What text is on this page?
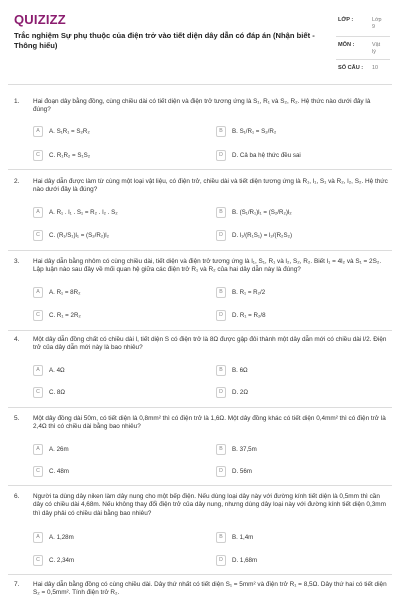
QUIZIZZ
Trắc nghiệm Sự phụ thuộc của điện trở vào tiết diện dây dẫn có đáp án (Nhận biết - Thông hiểu)
LỚP :	Lớp 9
MÔN :	Vật lý
SỐ CÂU : 10
1. Hai đoạn dây bằng đồng, cùng chiều dài có tiết diện và điện trở tương ứng là S₁, R₁ và S₂, R₂. Hệ thức nào dưới đây là đúng?
A	A. S₁R₁ = S₂R₂	B	B. S₁/R₁ = S₂/R₂
C	C. R₁R₂ = S₁S₂	D	D. Cả ba hệ thức đều sai
2. Hai dây dẫn được làm từ cùng một loại vật liệu, có điện trở, chiều dài và tiết diện tương ứng là R₁, l₁, S₁ và R₂, l₂, S₂. Hệ thức nào dưới đây là đúng?
A	A. R₁ . l₁ . S₁ = R₂ . l₂ . S₂	B	B. (S₁/R₁)l₁ = (S₂/R₂)l₂
C	C. (R₁/S₁)l₁ = (S₂/R₂)l₂	D	D. l₁/(R₁S₁) = l₂/(R₂S₂)
3. Hai dây dẫn bằng nhôm có cùng chiều dài, tiết diện và điện trở tương ứng là l₁, S₁, R₁ và l₂, S₂, R₂. Biết l₁ = 4l₂ và S₁ = 2S₂. Lập luận nào sau đây về mối quan hệ giữa các điện trở R₁ và R₂ của hai dây dẫn này là đúng?
A	A. R₁ = 8R₂	B	B. R₁ = R₂/2
C	C. R₁ = 2R₂	D	D. R₁ = R₂/8
4. Một dây dẫn đồng chất có chiều dài l, tiết diện S có điện trở là 8Ω được gập đôi thành một dây dẫn mới có chiều dài l/2. Điện trở của dây dẫn mới này là bao nhiêu?
A	A. 4Ω	B	B. 6Ω
C	C. 8Ω	D	D. 2Ω
5. Một dây đồng dài 50m, có tiết diện là 0,8mm² thì có điện trở là 1,6Ω. Một dây đồng khác có tiết diện 0,4mm² thì có điện trở là 2,4Ω thì có chiều dài bằng bao nhiêu?
A	A. 26m	B	B. 37,5m
C	C. 48m	D	D. 56m
6. Người ta dùng dây niken làm dây nung cho một bếp điện. Nếu dùng loại dây này với đường kính tiết diện là 0,5mm thì cần dây có chiều dài 4,68m. Nếu không thay đổi điện trở của dây nung, nhưng dùng dây loại này với đường kính tiết diện 0,3mm thì dây phải có chiều dài bằng bao nhiêu?
A	A. 1,28m	B	B. 1,4m
C	C. 2,34m	D	D. 1,68m
7. Hai dây dẫn bằng đồng có cùng chiều dài. Dây thứ nhất có tiết diện S₁ = 5mm² và điện trở R₁ = 8,5Ω. Dây thứ hai có tiết diện S₂ = 0,5mm². Tính điện trở R₂.
